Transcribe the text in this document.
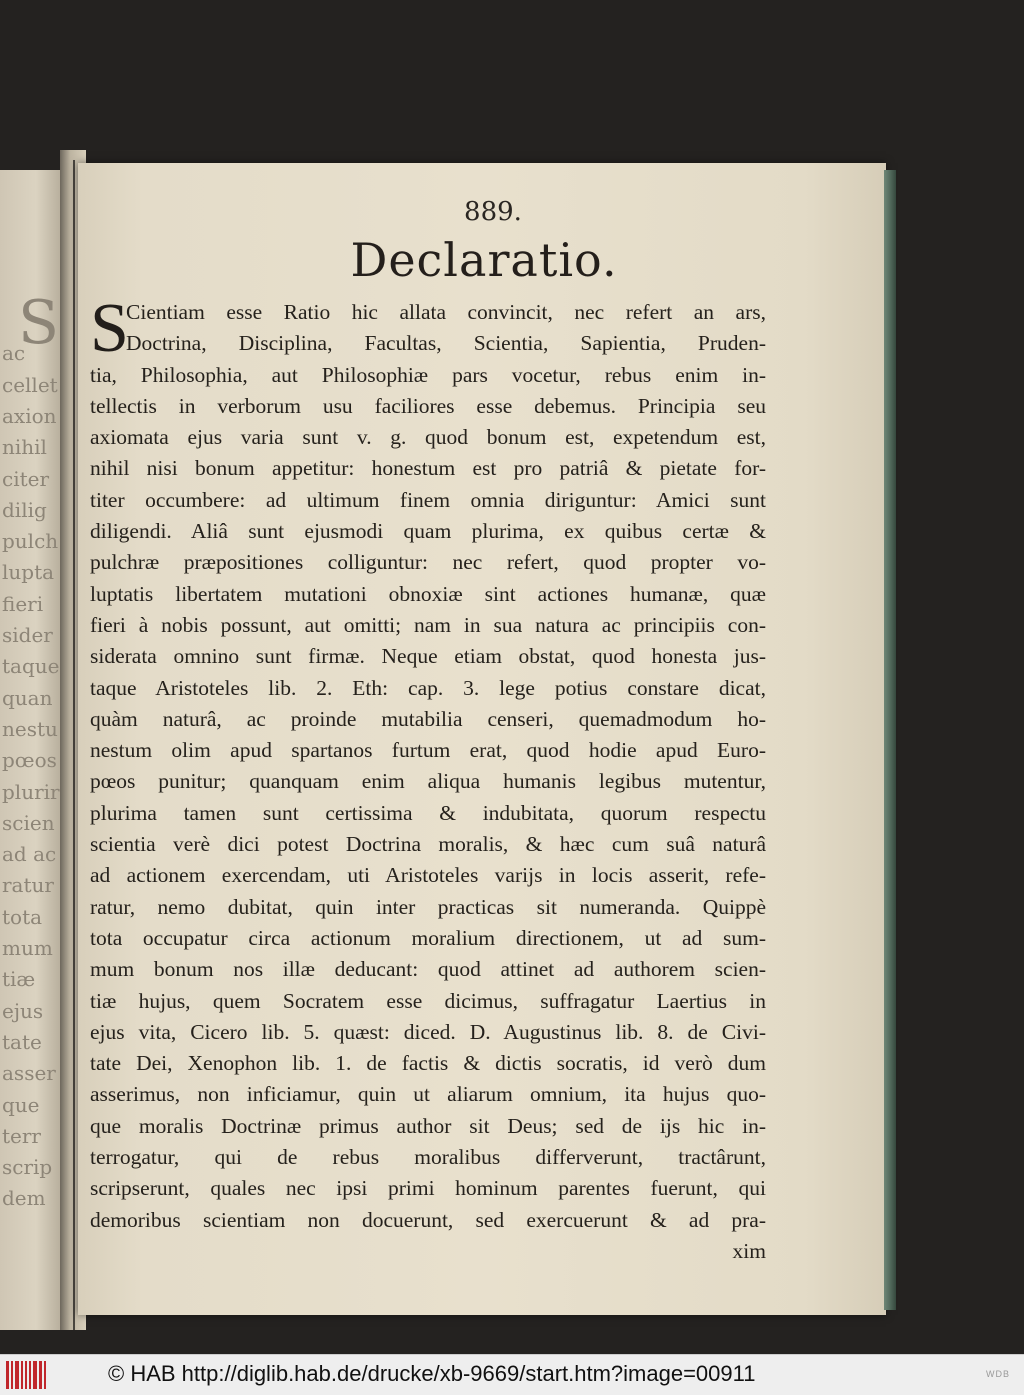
S
ac
cellet
axion
nihil
citer
dilig
pulch
lupta
fieri
sider
taque
quan
nestu
pœos
plurir
scien
ad ac
ratur
tota
mum
tiæ
ejus
tate
asser
que
terr
scrip
dem
889.
Declaratio.
S
Cientiam esse Ratio hic allata convincit, nec refert an ars,
Doctrina, Disciplina, Facultas, Scientia, Sapientia, Pruden-
tia, Philosophia, aut Philosophiæ pars vocetur, rebus enim in-
tellectis in verborum usu faciliores esse debemus. Principia seu
axiomata ejus varia sunt v. g. quod bonum est, expetendum est,
nihil nisi bonum appetitur: honestum est pro patriâ & pietate for-
titer occumbere: ad ultimum finem omnia diriguntur: Amici sunt
diligendi. Aliâ sunt ejusmodi quam plurima, ex quibus certæ &
pulchræ præpositiones colliguntur: nec refert, quod propter vo-
luptatis libertatem mutationi obnoxiæ sint actiones humanæ, quæ
fieri à nobis possunt, aut omitti; nam in sua natura ac principiis con-
siderata omnino sunt firmæ. Neque etiam obstat, quod honesta jus-
taque Aristoteles lib. 2. Eth: cap. 3. lege potius constare dicat,
quàm naturâ, ac proinde mutabilia censeri, quemadmodum ho-
nestum olim apud spartanos furtum erat, quod hodie apud Euro-
pœos punitur; quanquam enim aliqua humanis legibus mutentur,
plurima tamen sunt certissima & indubitata, quorum respectu
scientia verè dici potest Doctrina moralis, & hæc cum suâ naturâ
ad actionem exercendam, uti Aristoteles varijs in locis asserit, refe-
ratur, nemo dubitat, quin inter practicas sit numeranda. Quippè
tota occupatur circa actionum moralium directionem, ut ad sum-
mum bonum nos illæ deducant: quod attinet ad authorem scien-
tiæ hujus, quem Socratem esse dicimus, suffragatur Laertius in
ejus vita, Cicero lib. 5. quæst: diced. D. Augustinus lib. 8. de Civi-
tate Dei, Xenophon lib. 1. de factis & dictis socratis, id verò dum
asserimus, non inficiamur, quin ut aliarum omnium, ita hujus quo-
que moralis Doctrinæ primus author sit Deus; sed de ijs hic in-
terrogatur, qui de rebus moralibus differverunt, tractârunt,
scripserunt, quales nec ipsi primi hominum parentes fuerunt, qui
demoribus scientiam non docuerunt, sed exercuerunt & ad pra-
xim
© HAB http://diglib.hab.de/drucke/xb-9669/start.htm?image=00911	WDB
